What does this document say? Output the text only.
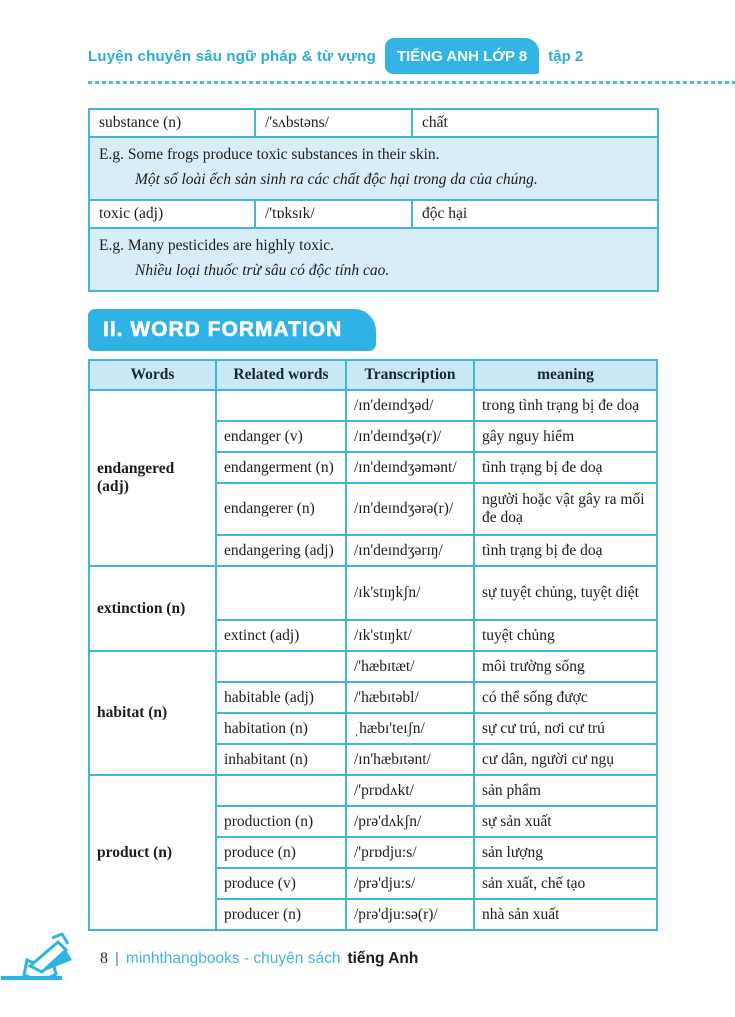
Luyện chuyên sâu ngữ pháp & từ vựng	TIẾNG ANH LỚP 8	tập 2
substance (n)	/'sʌbstəns/	chất

E.g. Some frogs produce toxic substances in their skin.
Một số loài ếch sản sinh ra các chất độc hại trong da của chúng.		

toxic (adj)	/'tɒksɪk/	độc hại

E.g. Many pesticides are highly toxic.
Nhiều loại thuốc trừ sâu có độc tính cao.		
II. WORD FORMATION
Words	Related words	Transcription	meaning
endangered (adj)		/ɪn'deɪndʒəd/	trong tình trạng bị đe doạ
	endanger (v)	/ɪn'deɪndʒə(r)/	gây nguy hiểm
	endangerment (n)	/ɪn'deɪndʒəmənt/	tình trạng bị đe doạ
	endangerer (n)	/ɪn'deɪndʒərə(r)/	người hoặc vật gây ra mối đe doạ
	endangering (adj)	/ɪn'deɪndʒərɪŋ/	tình trạng bị đe doạ
extinction (n)		/ɪk'stɪŋkʃn/	sự tuyệt chủng, tuyệt diệt
	extinct (adj)	/ɪk'stɪŋkt/	tuyệt chủng
habitat (n)		/'hæbɪtæt/	môi trường sống
	habitable (adj)	/'hæbɪtəbl/	có thể sống được
	habitation (n)	ˌhæbɪ'teɪʃn/	sự cư trú, nơi cư trú
	inhabitant (n)	/ɪn'hæbɪtənt/	cư dân, người cư ngụ
product (n)		/'prɒdʌkt/	sản phẩm
	production (n)	/prə'dʌkʃn/	sự sản xuất
	produce (n)	/'prɒdju:s/	sản lượng
	produce (v)	/prə'dju:s/	sản xuất, chế tạo
	producer (n)	/prə'dju:sə(r)/	nhà sản xuất
8 | minhthangbooks - chuyên sách tiếng Anh
